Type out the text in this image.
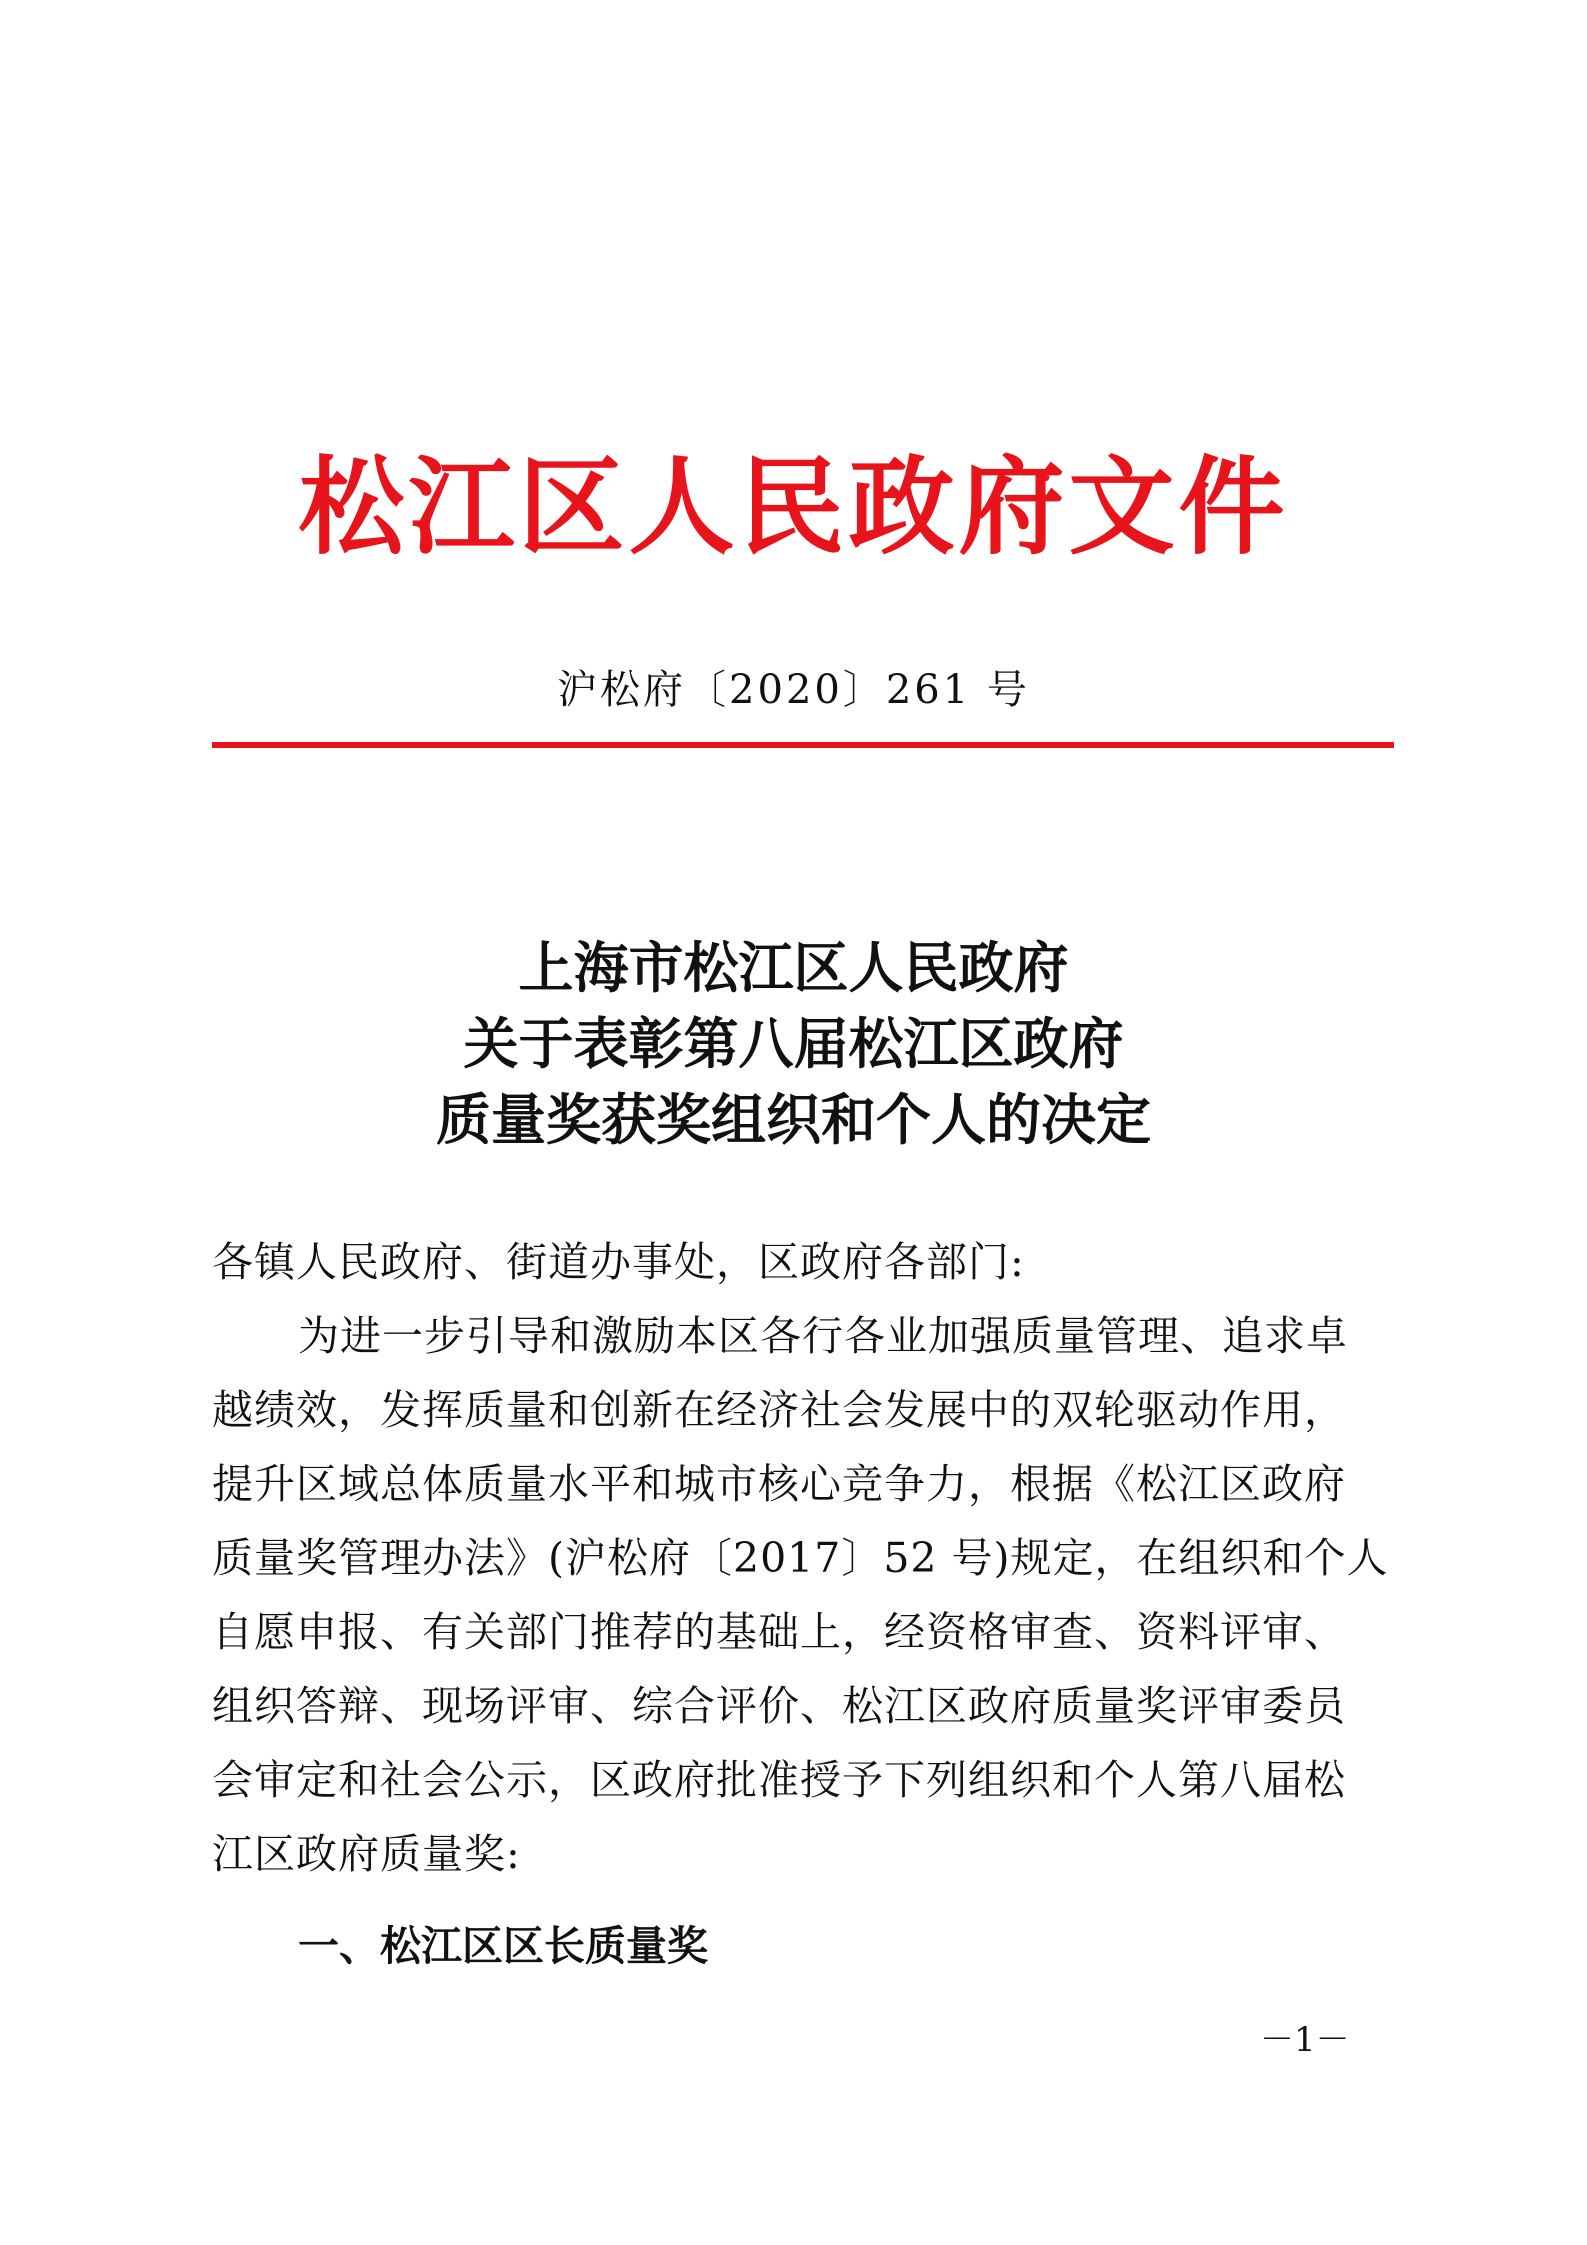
松江区人民政府文件
沪松府〔2020〕261 号
上海市松江区人民政府
关于表彰第八届松江区政府
质量奖获奖组织和个人的决定
各镇人民政府、街道办事处，区政府各部门:
为进一步引导和激励本区各行各业加强质量管理、追求卓
越绩效，发挥质量和创新在经济社会发展中的双轮驱动作用，
提升区域总体质量水平和城市核心竞争力，根据《松江区政府
质量奖管理办法》(沪松府〔2017〕52 号)规定，在组织和个人
自愿申报、有关部门推荐的基础上，经资格审查、资料评审、
组织答辩、现场评审、综合评价、松江区政府质量奖评审委员
会审定和社会公示，区政府批准授予下列组织和个人第八届松
江区政府质量奖:
一、松江区区长质量奖
－1－
